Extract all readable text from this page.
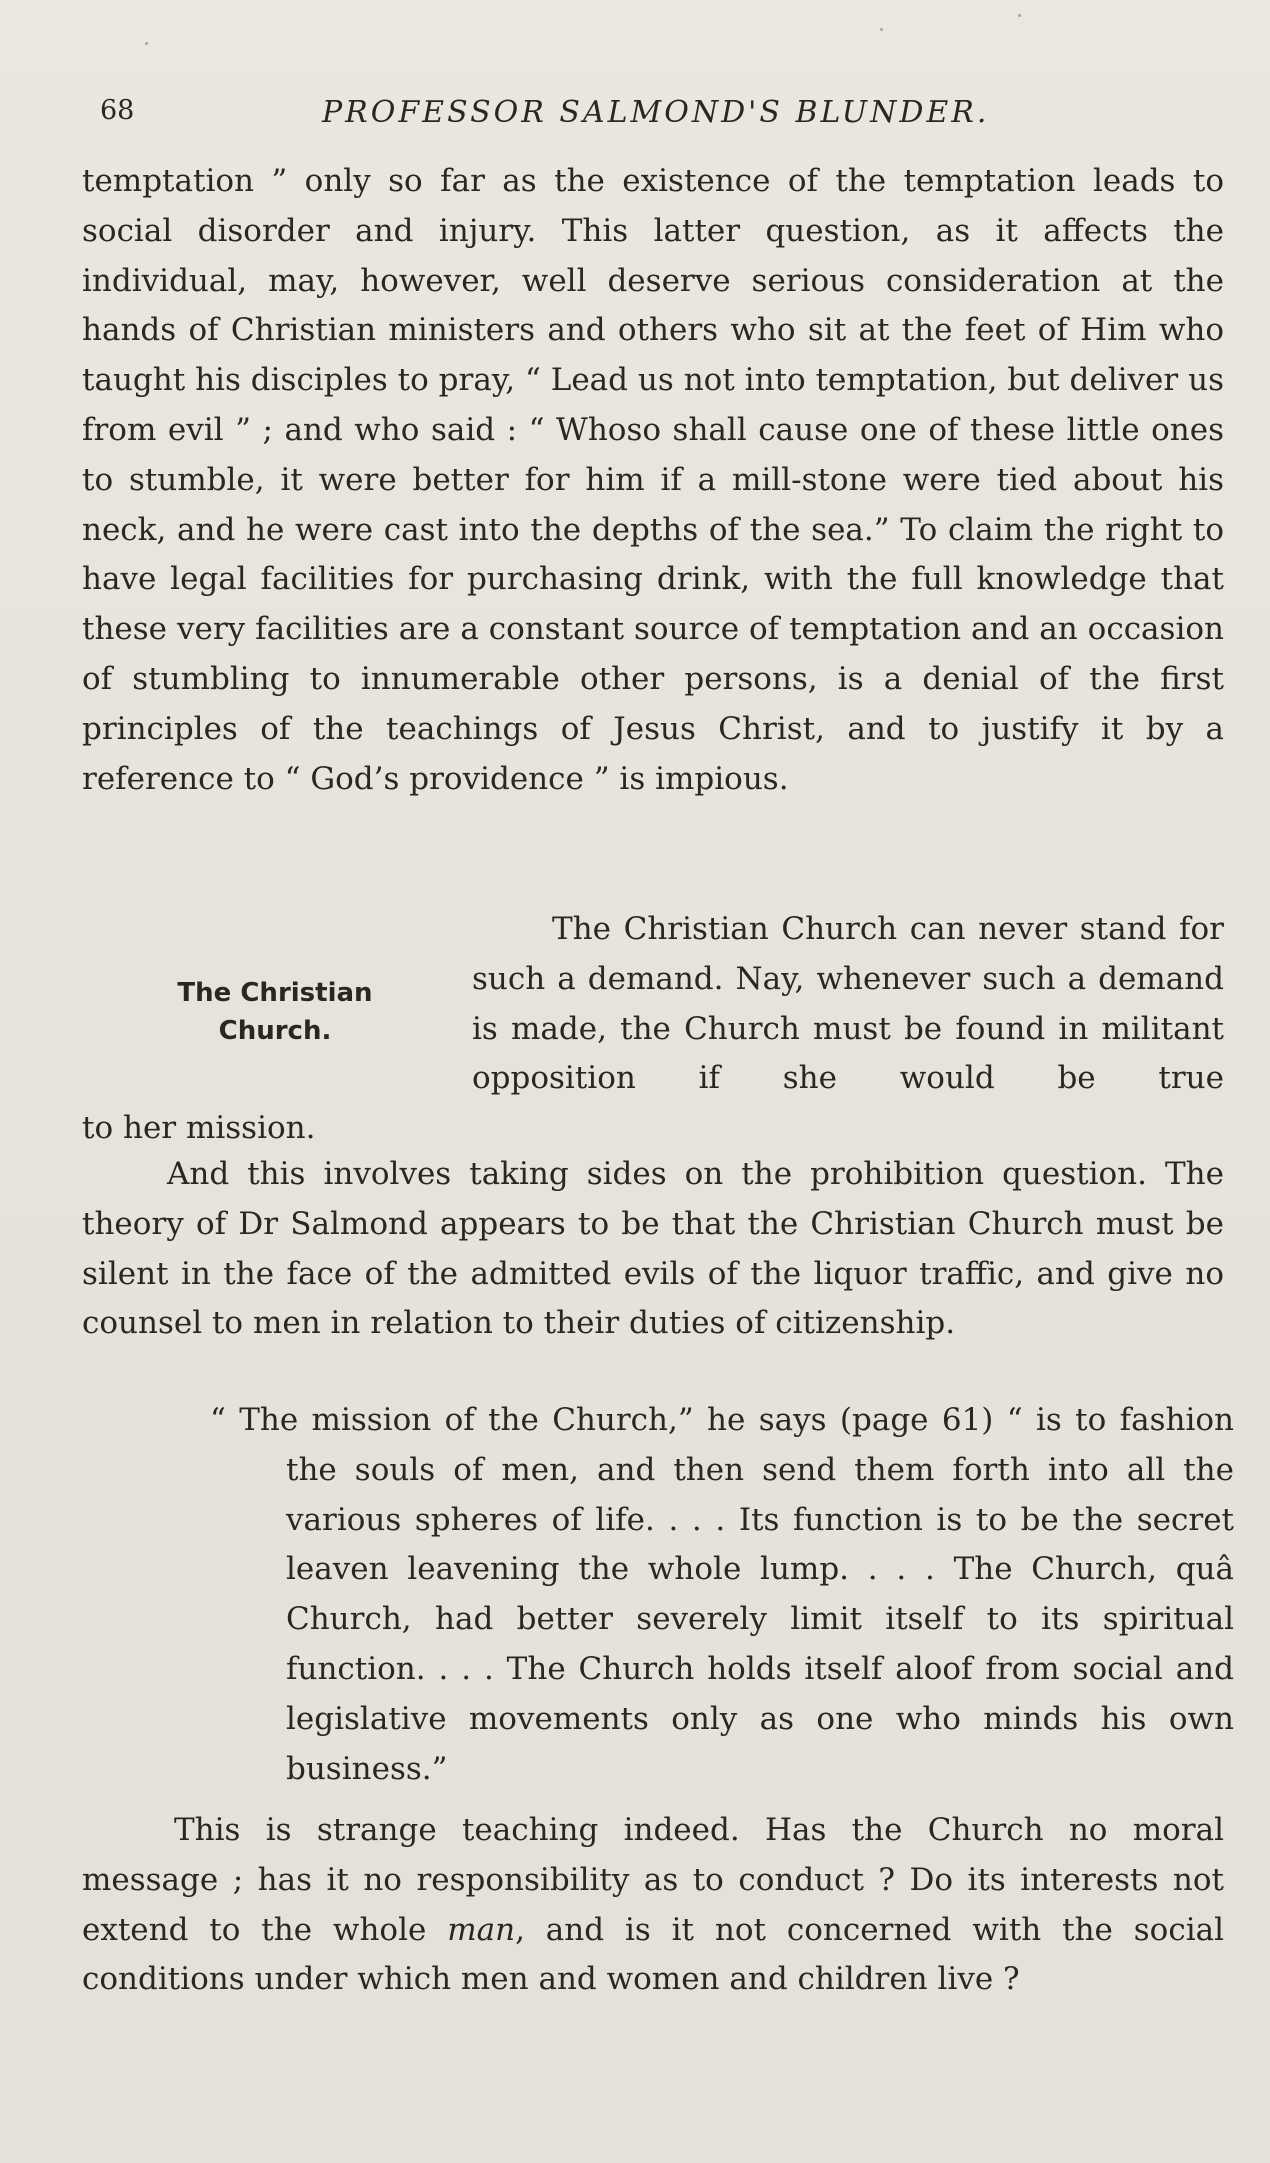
68	PROFESSOR SALMOND'S BLUNDER.

temptation ” only so far as the existence of the temptation leads to social disorder and injury. This latter question, as it affects the individual, may, however, well deserve serious consideration at the hands of Christian ministers and others who sit at the feet of Him who taught his disciples to pray, “ Lead us not into temptation, but deliver us from evil ” ; and who said : “ Whoso shall cause one of these little ones to stumble, it were better for him if a mill-stone were tied about his neck, and he were cast into the depths of the sea.” To claim the right to have legal facilities for purchasing drink, with the full knowledge that these very facilities are a constant source of temptation and an occasion of stumbling to innumerable other persons, is a denial of the first principles of the teachings of Jesus Christ, and to justify it by a reference to “ God’s providence ” is impious.

The Christian
Church.

The Christian Church can never stand for such a demand. Nay, whenever such a demand is made, the Church must be found in militant opposition if she would be true

to her mission.

And this involves taking sides on the prohibition question. The theory of Dr Salmond appears to be that the Christian Church must be silent in the face of the admitted evils of the liquor traffic, and give no counsel to men in relation to their duties of citizenship.

“ The mission of the Church,” he says (page 61) “ is to fashion the souls of men, and then send them forth into all the various spheres of life. . . . Its function is to be the secret leaven leavening the whole lump. . . . The Church, quâ Church, had better severely limit itself to its spiritual function. . . . The Church holds itself aloof from social and legislative movements only as one who minds his own business.”

This is strange teaching indeed. Has the Church no moral message ; has it no responsibility as to conduct ? Do its interests not extend to the whole man, and is it not concerned with the social conditions under which men and women and children live ?
